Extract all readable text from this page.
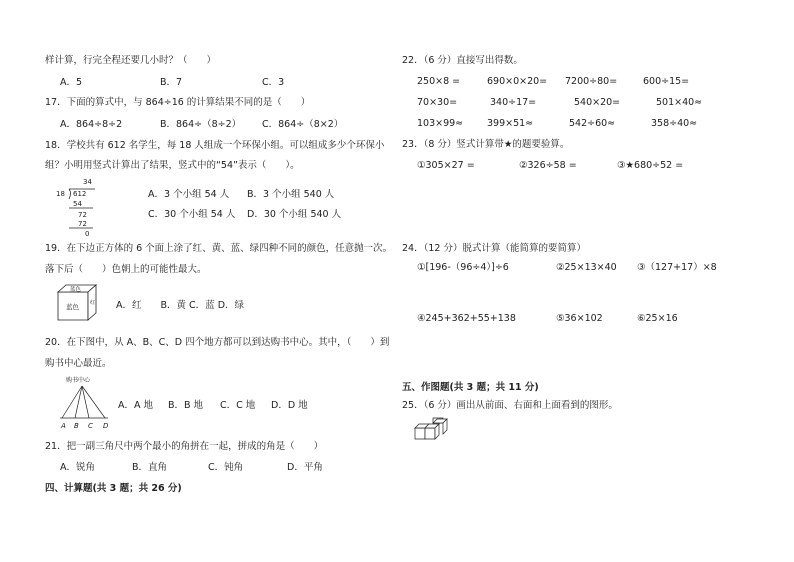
样计算，行完全程还要几小时？（　　）
A．5	B．7	C．3
17．下面的算式中，与 864÷16 的计算结果不同的是（　　）
A．864÷8÷2	B．864÷（8÷2） C．864÷（8×2）
18．学校共有 612 名学生，每 18 人组成一个环保小组。可以组成多少个环保小
组？小明用竖式计算出了结果，竖式中的“54”表示（　　）。
34
18 612
54
72
72
0
A．3 个小组 54 人 B．3 个小组 540 人
C．30 个小组 54 人 D．30 个小组 540 人
19．在下边正方体的 6 个面上涂了红、黄、蓝、绿四种不同的颜色，任意抛一次。
落下后（　　）色朝上的可能性最大。
蓝色
蓝色 红 A．红　　B．黄 C．蓝 D．绿
20．在下图中，从 A、B、C、D 四个地方都可以到达购书中心。其中，（　　）到
购书中心最近。
购书中心
A B C D
A．A 地 B．B 地 C．C 地 D．D 地
21．把一副三角尺中两个最小的角拼在一起，拼成的角是（　　）
A．锐角	B．直角	C．钝角	D．平角
四、计算题(共 3 题；共 26 分)
22．（6 分）直接写出得数。
250×8 =	690×0×20= 7200÷80=	600÷15=
70×30=	340÷17=	540×20=	501×40≈
103×99≈	399×51≈	542÷60≈	358÷40≈
23．（8 分）竖式计算带★的题要验算。
①305×27 =	②326÷58 =	③★680÷52 =
24．（12 分）脱式计算（能简算的要简算）
①[196-（96÷4）]÷6	②25×13×40 ③（127+17）×8
④245+362+55+138	⑤36×102	⑥25×16
五、作图题(共 3 题；共 11 分)
25．（6 分）画出从前面、右面和上面看到的图形。
